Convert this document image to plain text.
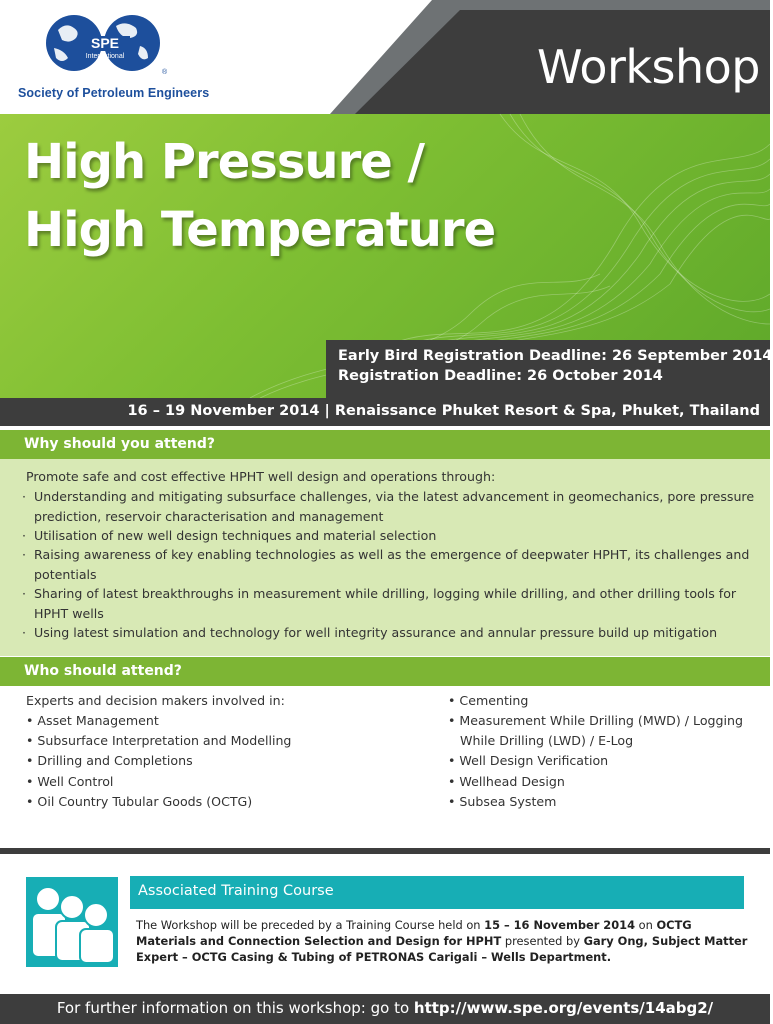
SPE
International
®
Society of Petroleum Engineers	Workshop
High Pressure /
High Temperature
Early Bird Registration Deadline: 26 September 2014
Registration Deadline: 26 October 2014
16 – 19 November 2014 | Renaissance Phuket Resort & Spa, Phuket, Thailand
Why should you attend?
Promote safe and cost effective HPHT well design and operations through:
·  Understanding and mitigating subsurface challenges, via the latest advancement in geomechanics, pore pressure
prediction, reservoir characterisation and management
·  Utilisation of new well design techniques and material selection
·  Raising awareness of key enabling technologies as well as the emergence of deepwater HPHT, its challenges and
potentials
·  Sharing of latest breakthroughs in measurement while drilling, logging while drilling, and other drilling tools for
HPHT wells
·  Using latest simulation and technology for well integrity assurance and annular pressure build up mitigation
Who should attend?
Experts and decision makers involved in:
• Asset Management
• Subsurface Interpretation and Modelling
• Drilling and Completions
• Well Control
• Oil Country Tubular Goods (OCTG)
• Cementing
• Measurement While Drilling (MWD) / Logging
While Drilling (LWD) / E-Log
• Well Design Verification
• Wellhead Design
• Subsea System
Associated Training Course
The Workshop will be preceded by a Training Course held on 15 – 16 November 2014 on OCTG
Materials and Connection Selection and Design for HPHT presented by Gary Ong, Subject Matter
Expert – OCTG Casing & Tubing of PETRONAS Carigali – Wells Department.
For further information on this workshop: go to http://www.spe.org/events/14abg2/
